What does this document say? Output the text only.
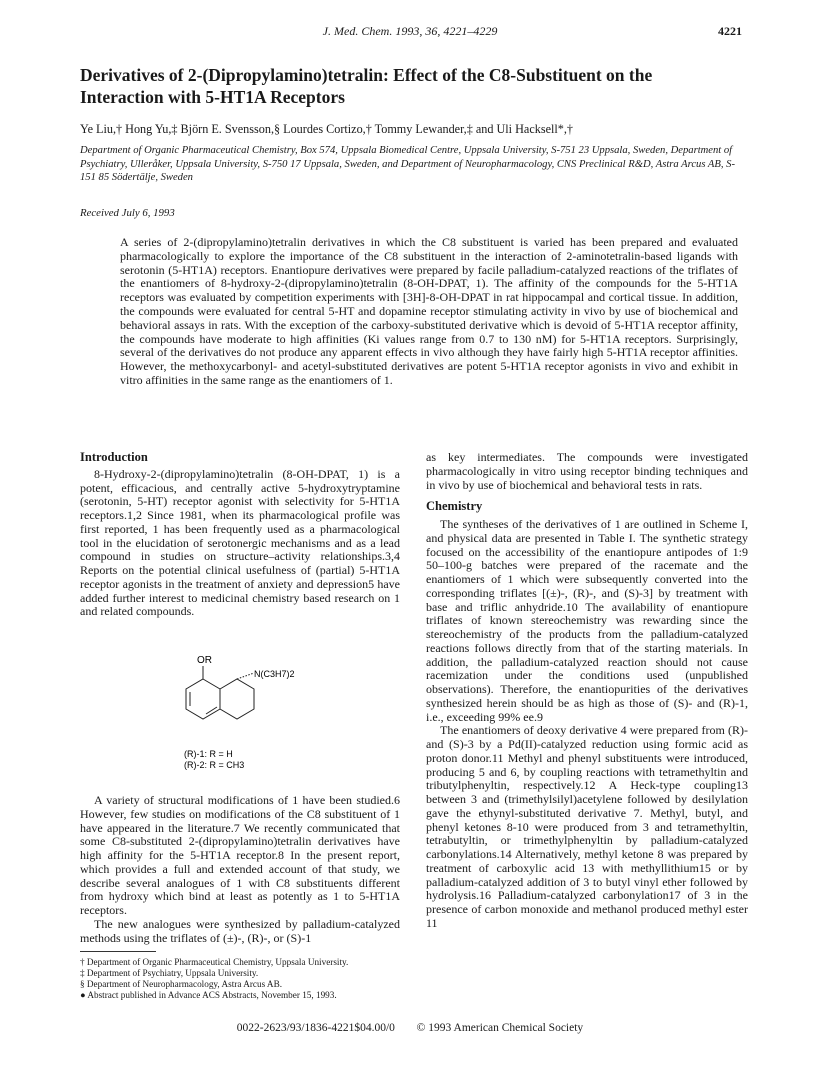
J. Med. Chem. 1993, 36, 4221–4229	4221
Derivatives of 2-(Dipropylamino)tetralin: Effect of the C8-Substituent on the Interaction with 5-HT1A Receptors
Ye Liu,† Hong Yu,‡ Björn E. Svensson,§ Lourdes Cortizo,† Tommy Lewander,‡ and Uli Hacksell*,†
Department of Organic Pharmaceutical Chemistry, Box 574, Uppsala Biomedical Centre, Uppsala University, S-751 23 Uppsala, Sweden, Department of Psychiatry, Ulleråker, Uppsala University, S-750 17 Uppsala, Sweden, and Department of Neuropharmacology, CNS Preclinical R&D, Astra Arcus AB, S-151 85 Södertälje, Sweden
Received July 6, 1993
A series of 2-(dipropylamino)tetralin derivatives in which the C8 substituent is varied has been prepared and evaluated pharmacologically to explore the importance of the C8 substituent in the interaction of 2-aminotetralin-based ligands with serotonin (5-HT1A) receptors. Enantiopure derivatives were prepared by facile palladium-catalyzed reactions of the triflates of the enantiomers of 8-hydroxy-2-(dipropylamino)tetralin (8-OH-DPAT, 1). The affinity of the compounds for the 5-HT1A receptors was evaluated by competition experiments with [3H]-8-OH-DPAT in rat hippocampal and cortical tissue. In addition, the compounds were evaluated for central 5-HT and dopamine receptor stimulating activity in vivo by use of biochemical and behavioral assays in rats. With the exception of the carboxy-substituted derivative which is devoid of 5-HT1A receptor affinity, the compounds have moderate to high affinities (Ki values range from 0.7 to 130 nM) for 5-HT1A receptors. Surprisingly, several of the derivatives do not produce any apparent effects in vivo although they have fairly high 5-HT1A receptor affinities. However, the methoxycarbonyl- and acetyl-substituted derivatives are potent 5-HT1A receptor agonists in vivo and exhibit in vitro affinities in the same range as the enantiomers of 1.

Introduction

8-Hydroxy-2-(dipropylamino)tetralin (8-OH-DPAT, 1) is a potent, efficacious, and centrally active 5-hydroxytryptamine (serotonin, 5-HT) receptor agonist with selectivity for 5-HT1A receptors.1,2 Since 1981, when its pharmacological profile was first reported, 1 has been frequently used as a pharmacological tool in the elucidation of serotonergic mechanisms and as a lead compound in studies on structure–activity relationships.3,4 Reports on the potential clinical usefulness of (partial) 5-HT1A receptor agonists in the treatment of anxiety and depression5 have added further interest to medicinal chemistry based research on 1 and related compounds.

OR
N(C3H7)2
(R)-1: R = H
(R)-2: R = CH3

A variety of structural modifications of 1 have been studied.6 However, few studies on modifications of the C8 substituent of 1 have appeared in the literature.7 We recently communicated that some C8-substituted 2-(dipropylamino)tetralin derivatives have high affinity for the 5-HT1A receptor.8 In the present report, which provides a full and extended account of that study, we describe several analogues of 1 with C8 substituents different from hydroxy which bind at least as potently as 1 to 5-HT1A receptors.

The new analogues were synthesized by palladium-catalyzed methods using the triflates of (±)-, (R)-, or (S)-1

† Department of Organic Pharmaceutical Chemistry, Uppsala University.

‡ Department of Psychiatry, Uppsala University.

§ Department of Neuropharmacology, Astra Arcus AB.

● Abstract published in Advance ACS Abstracts, November 15, 1993.

as key intermediates. The compounds were investigated pharmacologically in vitro using receptor binding techniques and in vivo by use of biochemical and behavioral tests in rats.

Chemistry

The syntheses of the derivatives of 1 are outlined in Scheme I, and physical data are presented in Table I. The synthetic strategy focused on the accessibility of the enantiopure antipodes of 1:9 50–100-g batches were prepared of the racemate and the enantiomers of 1 which were subsequently converted into the corresponding triflates [(±)-, (R)-, and (S)-3] by treatment with base and triflic anhydride.10 The availability of enantiopure triflates of known stereochemistry was rewarding since the stereochemistry of the products from the palladium-catalyzed reactions follows directly from that of the starting materials. In addition, the palladium-catalyzed reaction should not cause racemization under the conditions used (unpublished observations). Therefore, the enantiopurities of the derivatives synthesized herein should be as high as those of (S)- and (R)-1, i.e., exceeding 99% ee.9

The enantiomers of deoxy derivative 4 were prepared from (R)- and (S)-3 by a Pd(II)-catalyzed reduction using formic acid as proton donor.11 Methyl and phenyl substituents were introduced, producing 5 and 6, by coupling reactions with tetramethyltin and tributylphenyltin, respectively.12 A Heck-type coupling13 between 3 and (trimethylsilyl)acetylene followed by desilylation gave the ethynyl-substituted derivative 7. Methyl, butyl, and phenyl ketones 8-10 were produced from 3 and tetramethyltin, tetrabutyltin, or trimethylphenyltin by palladium-catalyzed carbonylations.14 Alternatively, methyl ketone 8 was prepared by treatment of carboxylic acid 13 with methyllithium15 or by palladium-catalyzed addition of 3 to butyl vinyl ether followed by hydrolysis.16 Palladium-catalyzed carbonylation17 of 3 in the presence of carbon monoxide and methanol produced methyl ester 11

0022-2623/93/1836-4221$04.00/0 © 1993 American Chemical Society
